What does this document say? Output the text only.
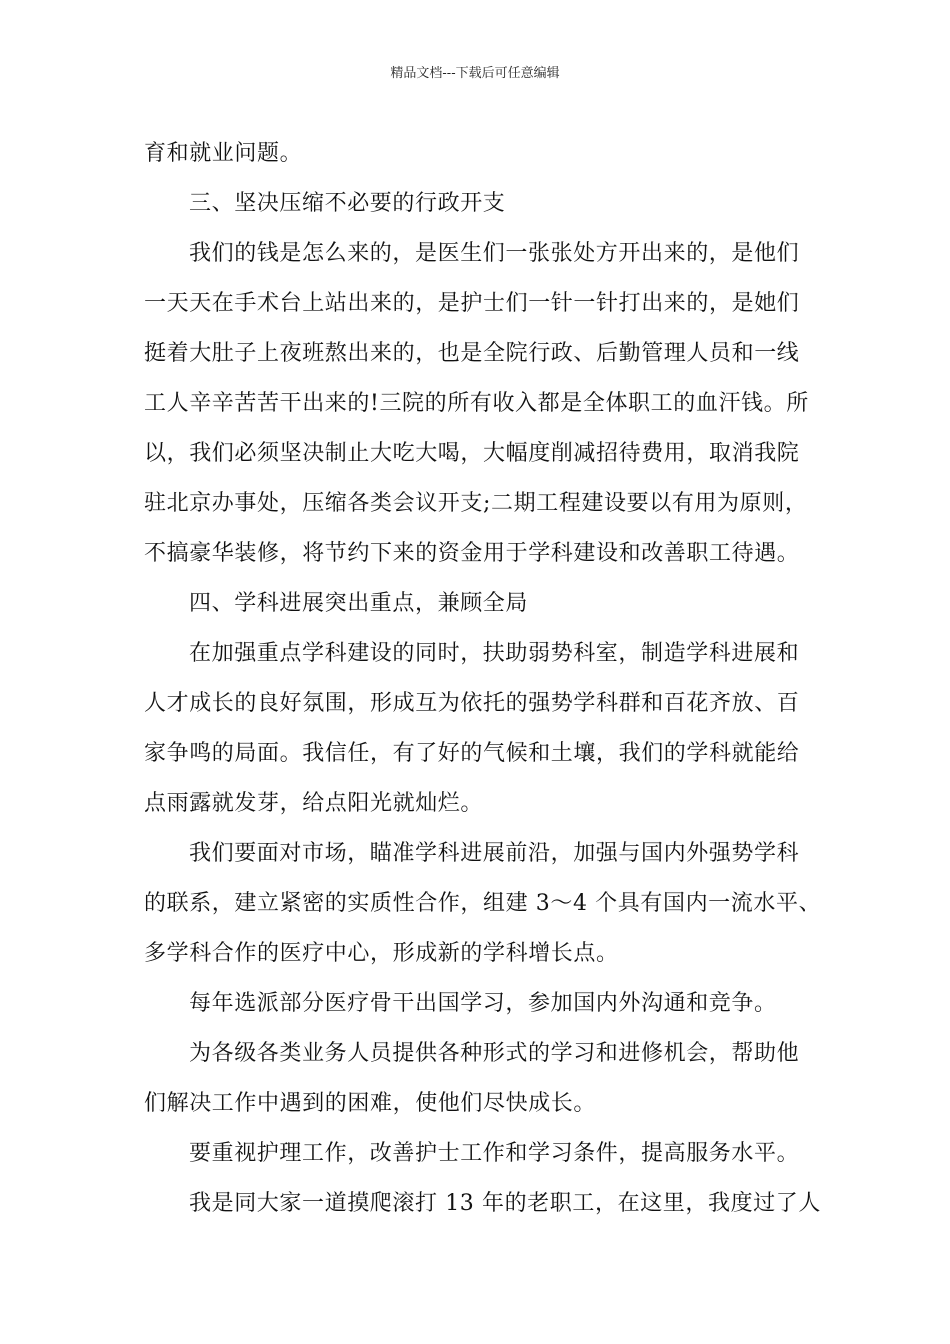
精品文档---下载后可任意编辑
育和就业问题。
三、坚决压缩不必要的行政开支
我们的钱是怎么来的，是医生们一张张处方开出来的，是他们
一天天在手术台上站出来的，是护士们一针一针打出来的，是她们
挺着大肚子上夜班熬出来的，也是全院行政、后勤管理人员和一线
工人辛辛苦苦干出来的!三院的所有收入都是全体职工的血汗钱。所
以，我们必须坚决制止大吃大喝，大幅度削减招待费用，取消我院
驻北京办事处，压缩各类会议开支;二期工程建设要以有用为原则，
不搞豪华装修，将节约下来的资金用于学科建设和改善职工待遇。
四、学科进展突出重点，兼顾全局
在加强重点学科建设的同时，扶助弱势科室，制造学科进展和
人才成长的良好氛围，形成互为依托的强势学科群和百花齐放、百
家争鸣的局面。我信任，有了好的气候和土壤，我们的学科就能给
点雨露就发芽，给点阳光就灿烂。
我们要面对市场，瞄准学科进展前沿，加强与国内外强势学科
的联系，建立紧密的实质性合作，组建 3～4 个具有国内一流水平、
多学科合作的医疗中心，形成新的学科增长点。
每年选派部分医疗骨干出国学习，参加国内外沟通和竞争。
为各级各类业务人员提供各种形式的学习和进修机会，帮助他
们解决工作中遇到的困难，使他们尽快成长。
要重视护理工作，改善护士工作和学习条件，提高服务水平。
我是同大家一道摸爬滚打 13 年的老职工，在这里，我度过了人
